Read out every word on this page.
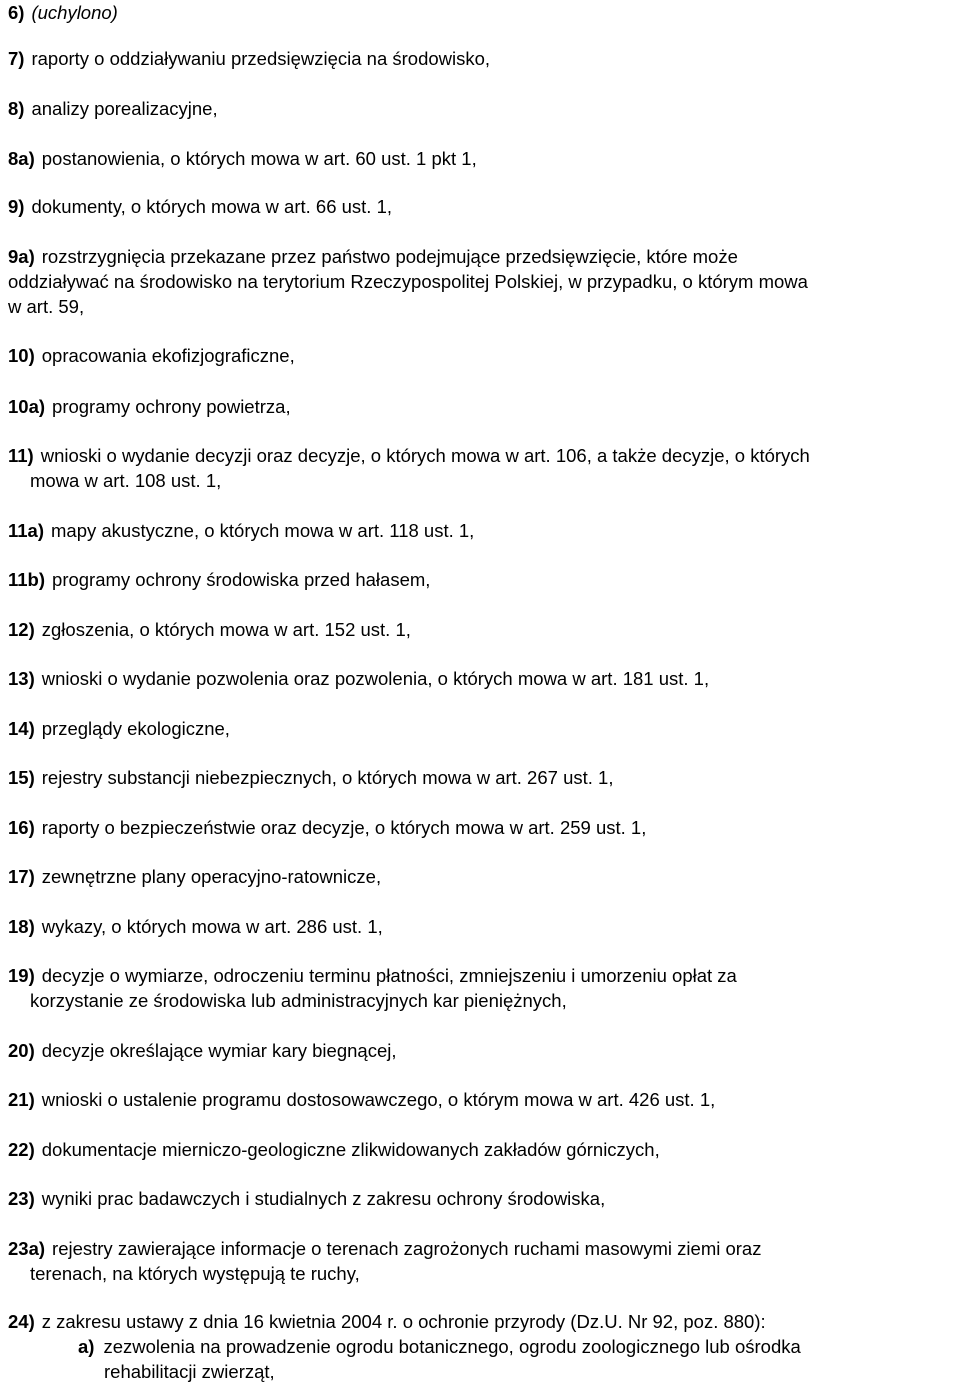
6) (uchylono)
7) raporty o oddziaływaniu przedsięwzięcia na środowisko,
8) analizy porealizacyjne,
8a) postanowienia, o których mowa w art. 60 ust. 1 pkt 1,
9) dokumenty, o których mowa w art. 66 ust. 1,
9a) rozstrzygnięcia przekazane przez państwo podejmujące przedsięwzięcie, które może
oddziaływać na środowisko na terytorium Rzeczypospolitej Polskiej, w przypadku, o którym mowa
w art. 59,
10) opracowania ekofizjograficzne,
10a) programy ochrony powietrza,
11) wnioski o wydanie decyzji oraz decyzje, o których mowa w art. 106, a także decyzje, o których
mowa w art. 108 ust. 1,
11a) mapy akustyczne, o których mowa w art. 118 ust. 1,
11b) programy ochrony środowiska przed hałasem,
12) zgłoszenia, o których mowa w art. 152 ust. 1,
13) wnioski o wydanie pozwolenia oraz pozwolenia, o których mowa w art. 181 ust. 1,
14) przeglądy ekologiczne,
15) rejestry substancji niebezpiecznych, o których mowa w art. 267 ust. 1,
16) raporty o bezpieczeństwie oraz decyzje, o których mowa w art. 259 ust. 1,
17) zewnętrzne plany operacyjno-ratownicze,
18) wykazy, o których mowa w art. 286 ust. 1,
19) decyzje o wymiarze, odroczeniu terminu płatności, zmniejszeniu i umorzeniu opłat za
korzystanie ze środowiska lub administracyjnych kar pieniężnych,
20) decyzje określające wymiar kary biegnącej,
21) wnioski o ustalenie programu dostosowawczego, o którym mowa w art. 426 ust. 1,
22) dokumentacje mierniczo-geologiczne zlikwidowanych zakładów górniczych,
23) wyniki prac badawczych i studialnych z zakresu ochrony środowiska,
23a) rejestry zawierające informacje o terenach zagrożonych ruchami masowymi ziemi oraz
terenach, na których występują te ruchy,
24) z zakresu ustawy z dnia 16 kwietnia 2004 r. o ochronie przyrody (Dz.U. Nr 92, poz. 880):
a) zezwolenia na prowadzenie ogrodu botanicznego, ogrodu zoologicznego lub ośrodka
rehabilitacji zwierząt,
